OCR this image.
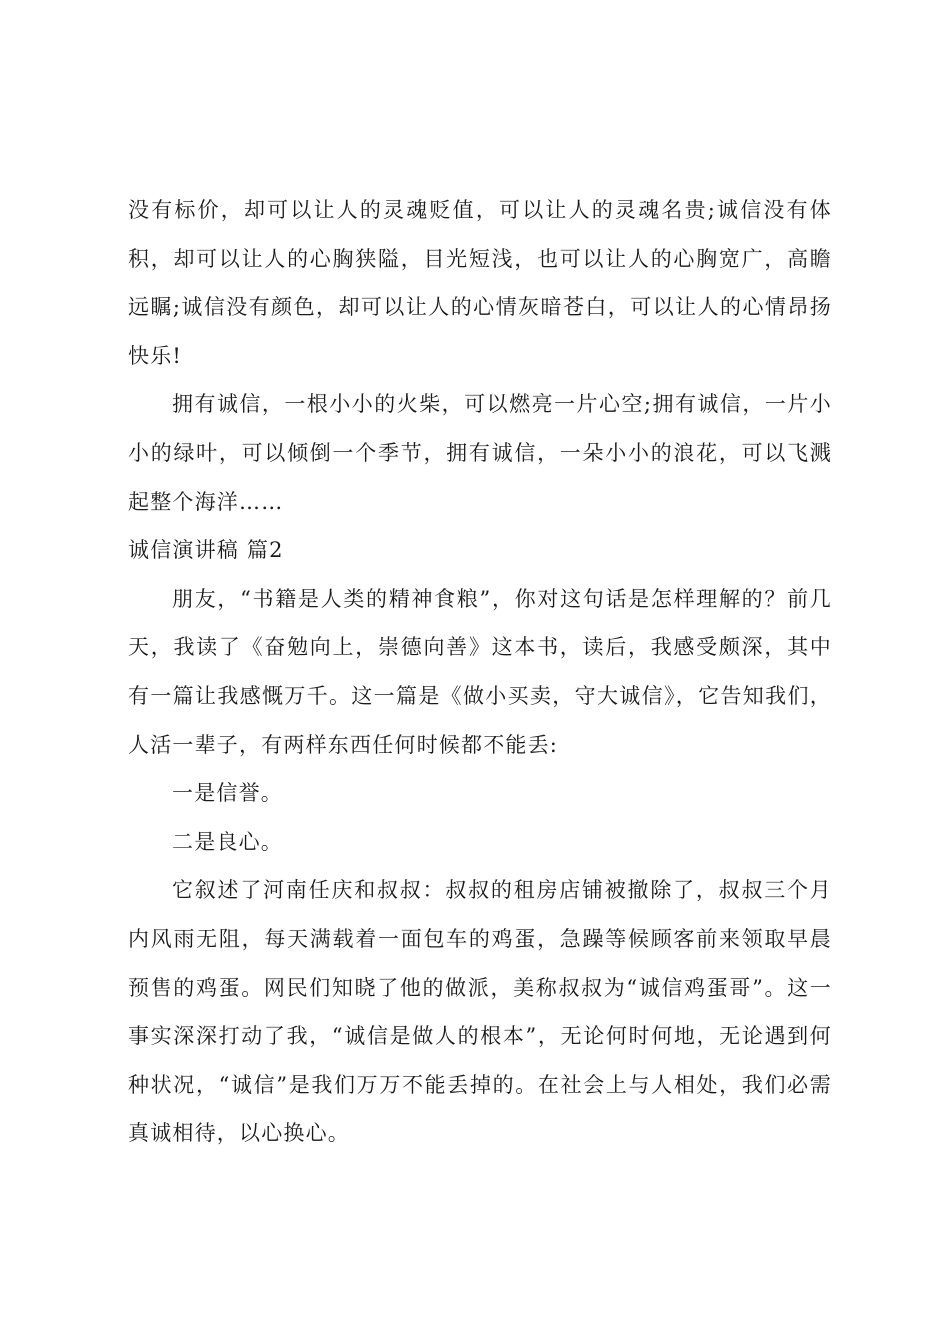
没有标价，却可以让人的灵魂贬值，可以让人的灵魂名贵;诚信没有体积，却可以让人的心胸狭隘，目光短浅，也可以让人的心胸宽广，高瞻远瞩;诚信没有颜色，却可以让人的心情灰暗苍白，可以让人的心情昂扬快乐!

拥有诚信，一根小小的火柴，可以燃亮一片心空;拥有诚信，一片小小的绿叶，可以倾倒一个季节，拥有诚信，一朵小小的浪花，可以飞溅起整个海洋……

诚信演讲稿 篇2

朋友，“书籍是人类的精神食粮”，你对这句话是怎样理解的？前几天，我读了《奋勉向上，崇德向善》这本书，读后，我感受颇深，其中有一篇让我感慨万千。这一篇是《做小买卖，守大诚信》，它告知我们，人活一辈子，有两样东西任何时候都不能丢:

一是信誉。

二是良心。

它叙述了河南任庆和叔叔：叔叔的租房店铺被撤除了，叔叔三个月内风雨无阻，每天满载着一面包车的鸡蛋，急躁等候顾客前来领取早晨预售的鸡蛋。网民们知晓了他的做派，美称叔叔为“诚信鸡蛋哥”。这一事实深深打动了我，“诚信是做人的根本”，无论何时何地，无论遇到何种状况，“诚信”是我们万万不能丢掉的。在社会上与人相处，我们必需真诚相待，以心换心。
